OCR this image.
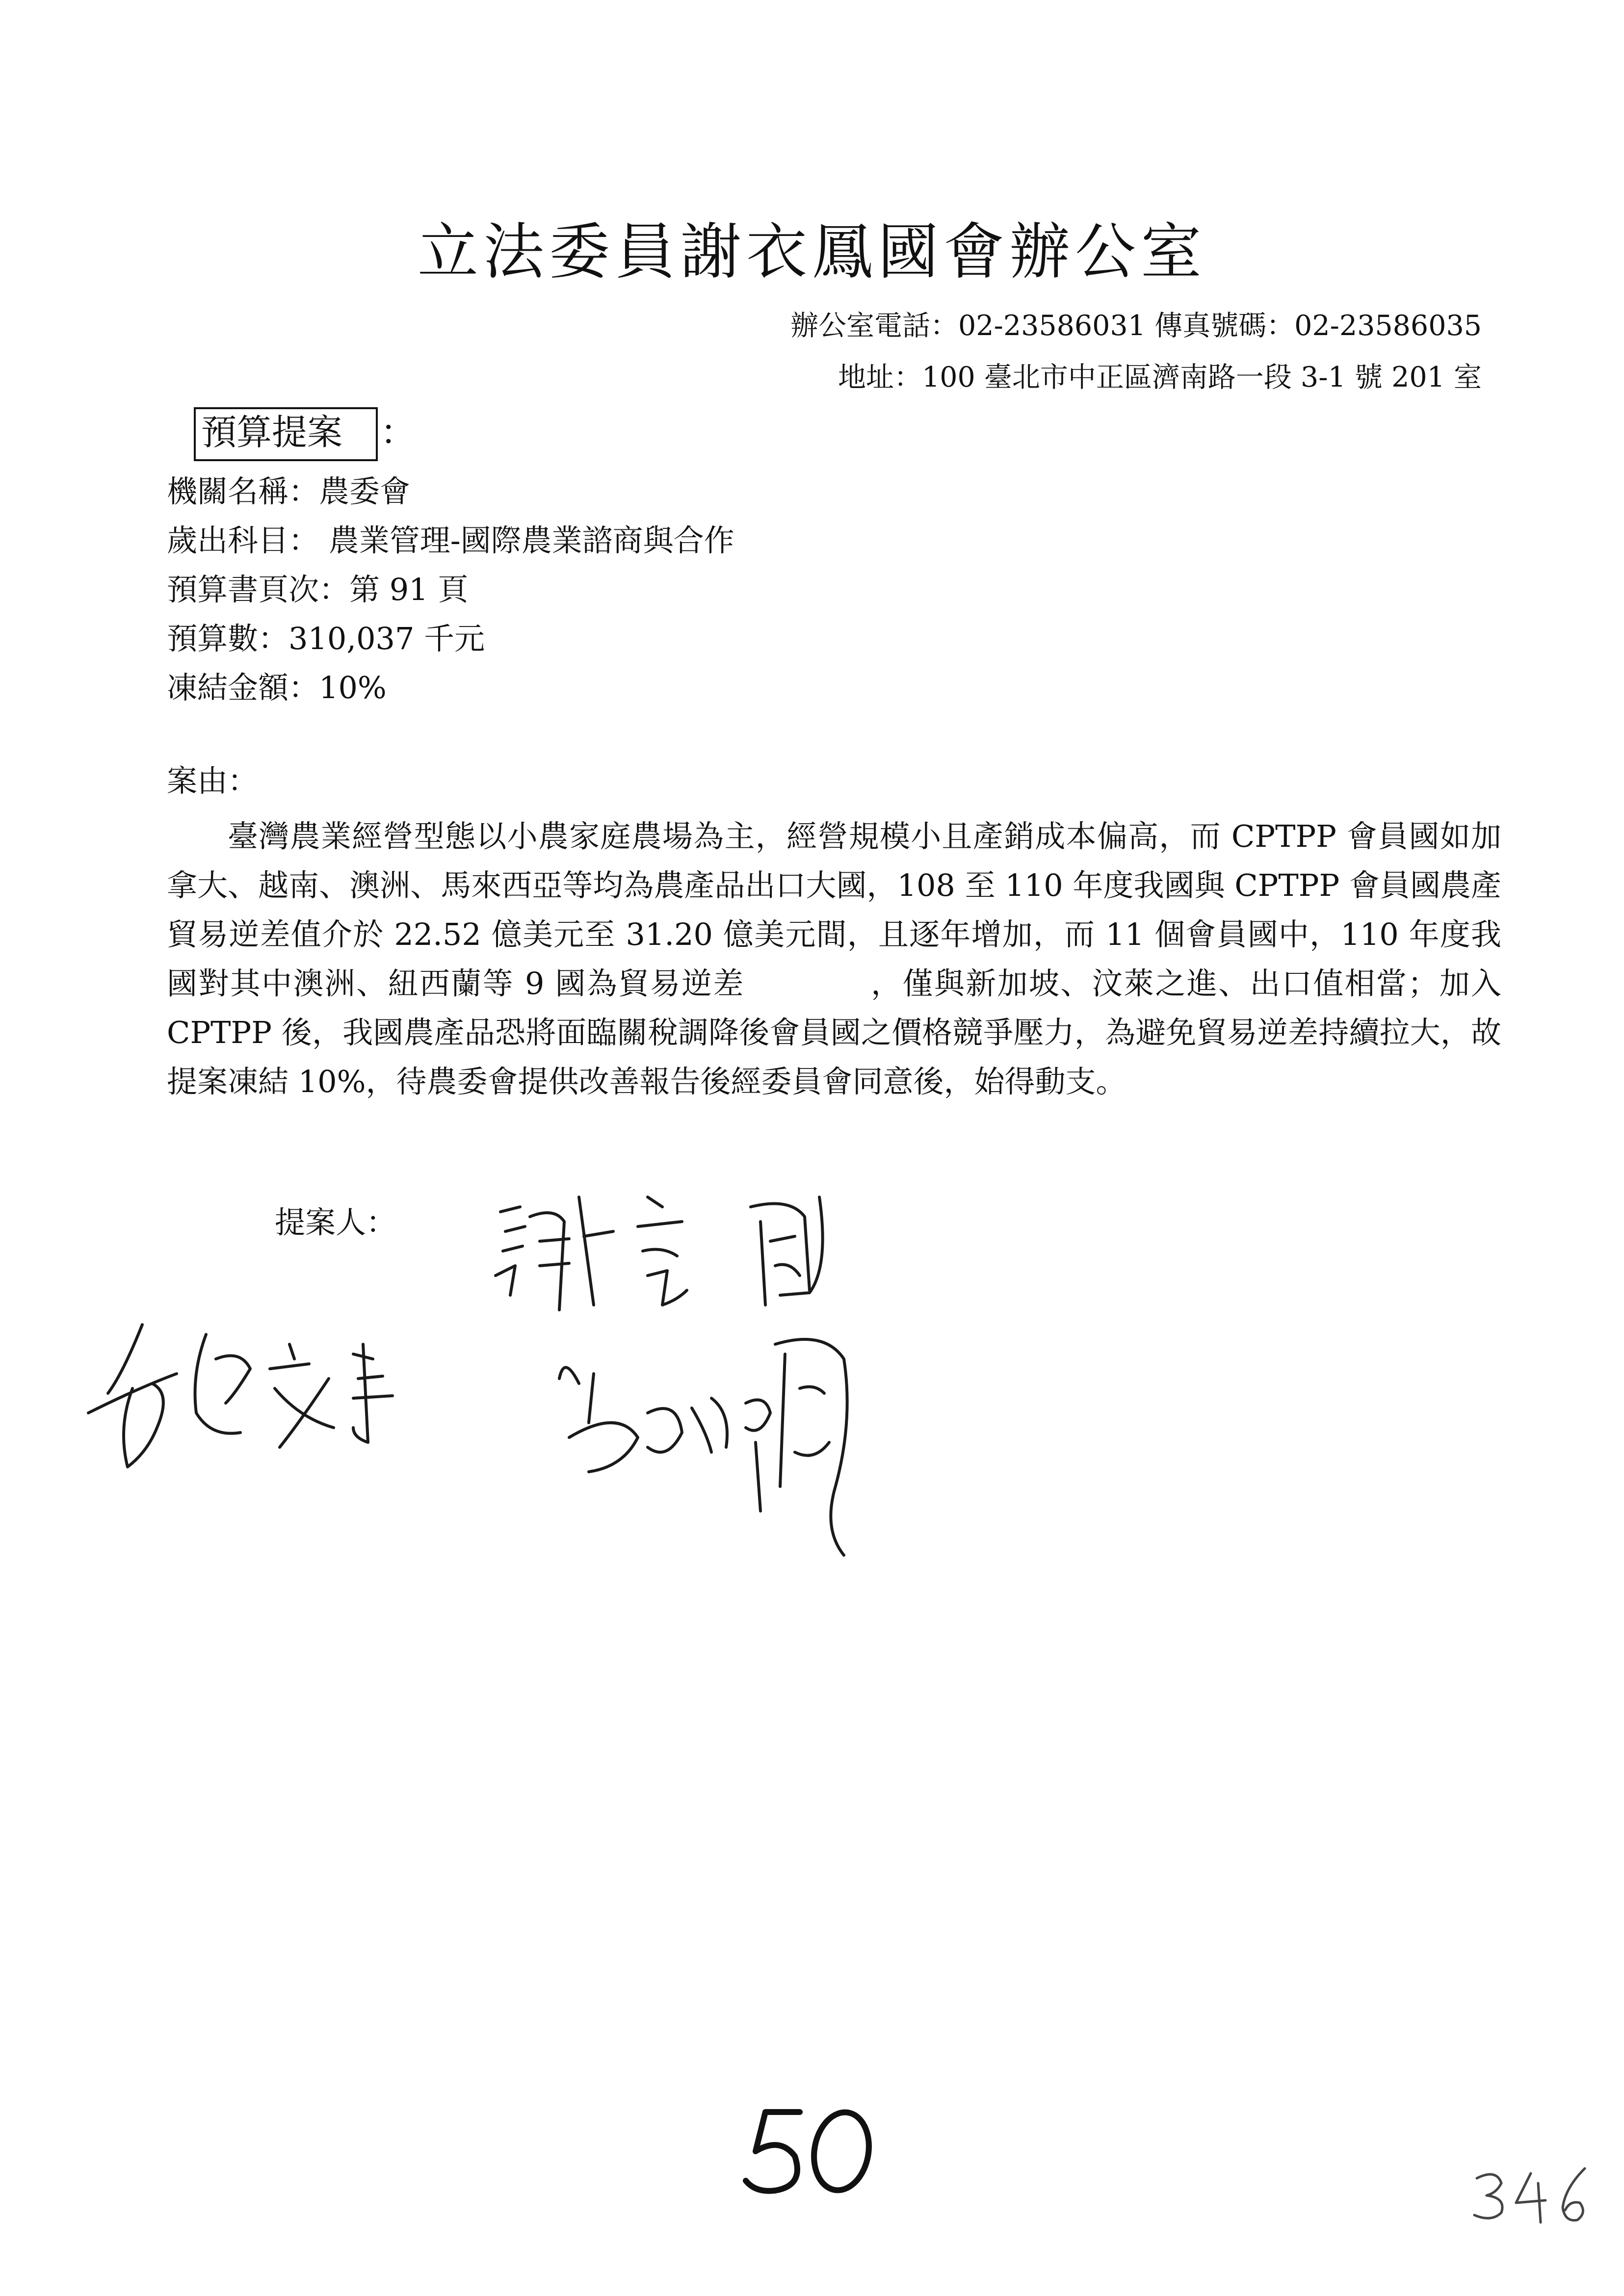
立法委員謝衣鳳國會辦公室
辦公室電話：02-23586031 傳真號碼：02-23586035
地址：100 臺北市中正區濟南路一段 3-1 號 201 室
預算提案 ：
機關名稱：農委會
歲出科目： 農業管理-國際農業諮商與合作
預算書頁次：第 91 頁
預算數：310,037 千元
凍結金額：10%
案由：
臺灣農業經營型態以小農家庭農場為主，經營規模小且產銷成本偏高，而 CPTPP 會員國如加拿大、越南、澳洲、馬來西亞等均為農產品出口大國，108 至 110 年度我國與 CPTPP 會員國農產貿易逆差值介於 22.52 億美元至 31.20 億美元間，且逐年增加，而 11 個會員國中，110 年度我國對其中澳洲、紐西蘭等 9 國為貿易逆差　　　　，僅與新加坡、汶萊之進、出口值相當；加入 CPTPP 後，我國農產品恐將面臨關稅調降後會員國之價格競爭壓力，為避免貿易逆差持續拉大，故提案凍結 10%，待農委會提供改善報告後經委員會同意後，始得動支。
提案人：
